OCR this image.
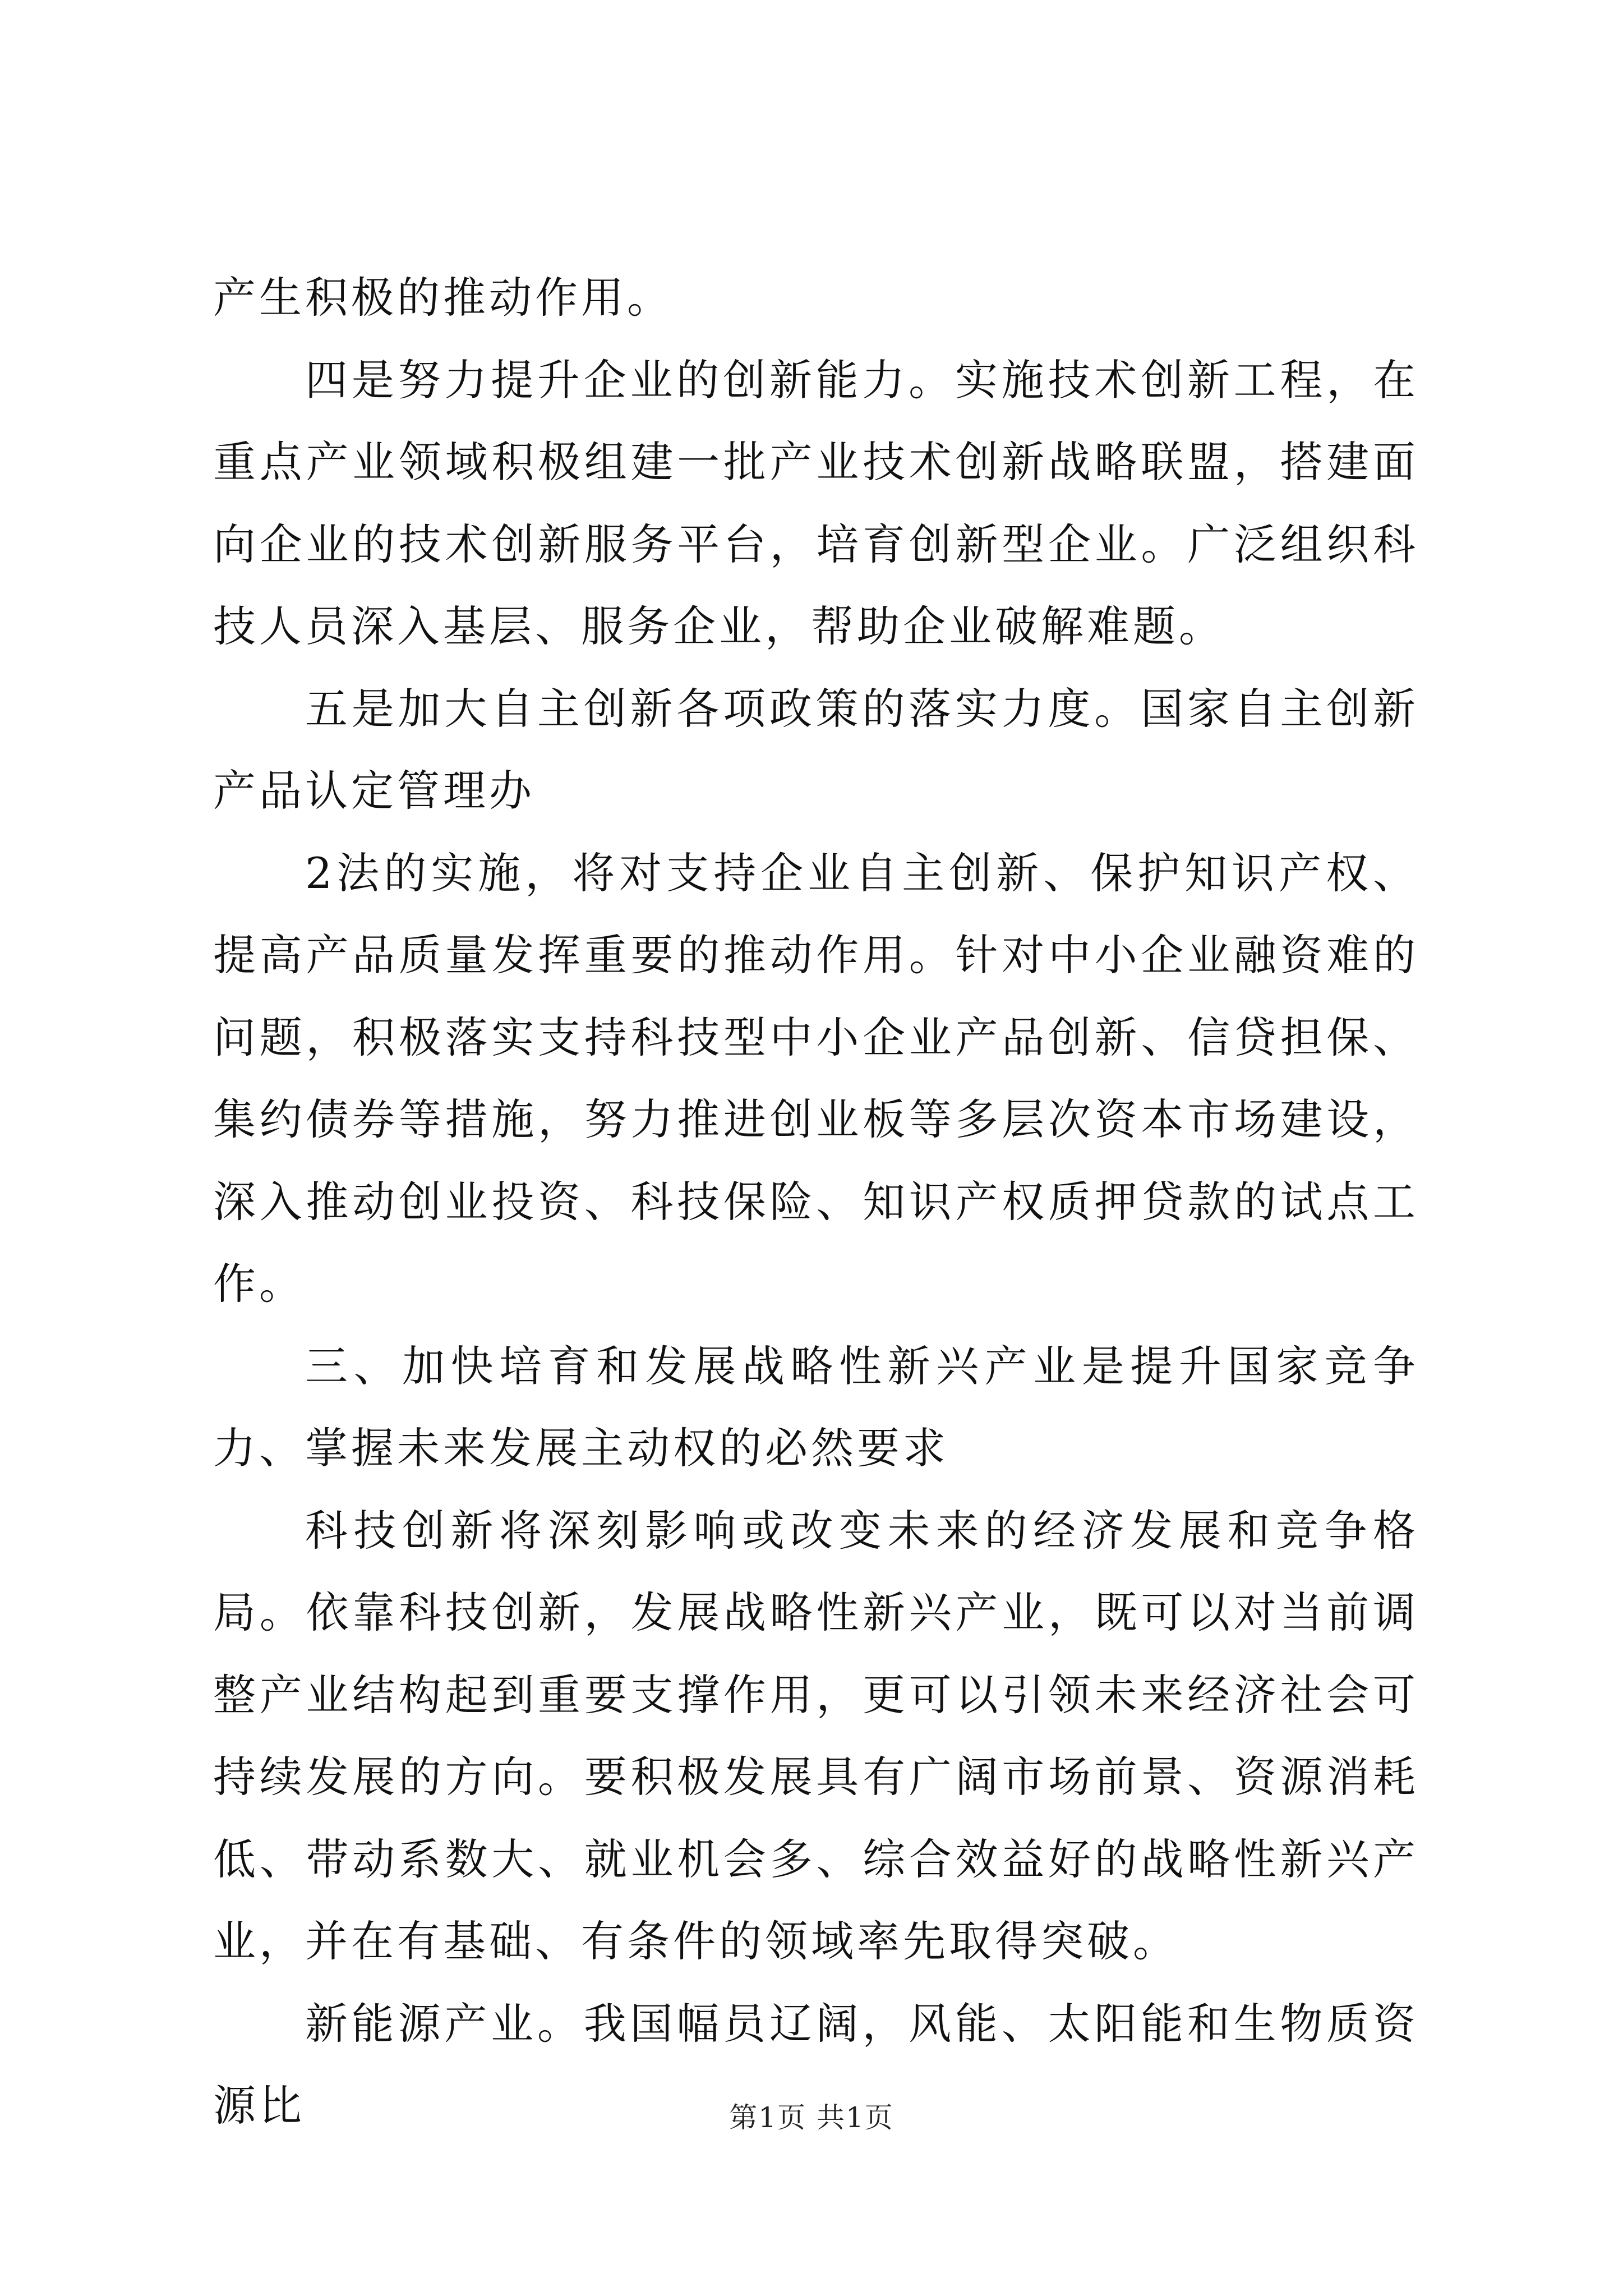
产生积极的推动作用。

四是努力提升企业的创新能力。实施技术创新工程，在重点产业领域积极组建一批产业技术创新战略联盟，搭建面向企业的技术创新服务平台，培育创新型企业。广泛组织科技人员深入基层、服务企业，帮助企业破解难题。

五是加大自主创新各项政策的落实力度。国家自主创新产品认定管理办

2法的实施，将对支持企业自主创新、保护知识产权、提高产品质量发挥重要的推动作用。针对中小企业融资难的问题，积极落实支持科技型中小企业产品创新、信贷担保、集约债券等措施，努力推进创业板等多层次资本市场建设，深入推动创业投资、科技保险、知识产权质押贷款的试点工作。

三、加快培育和发展战略性新兴产业是提升国家竞争力、掌握未来发展主动权的必然要求

科技创新将深刻影响或改变未来的经济发展和竞争格局。依靠科技创新，发展战略性新兴产业，既可以对当前调整产业结构起到重要支撑作用，更可以引领未来经济社会可持续发展的方向。要积极发展具有广阔市场前景、资源消耗低、带动系数大、就业机会多、综合效益好的战略性新兴产业，并在有基础、有条件的领域率先取得突破。

新能源产业。我国幅员辽阔，风能、太阳能和生物质资源比	第1页 共1页
